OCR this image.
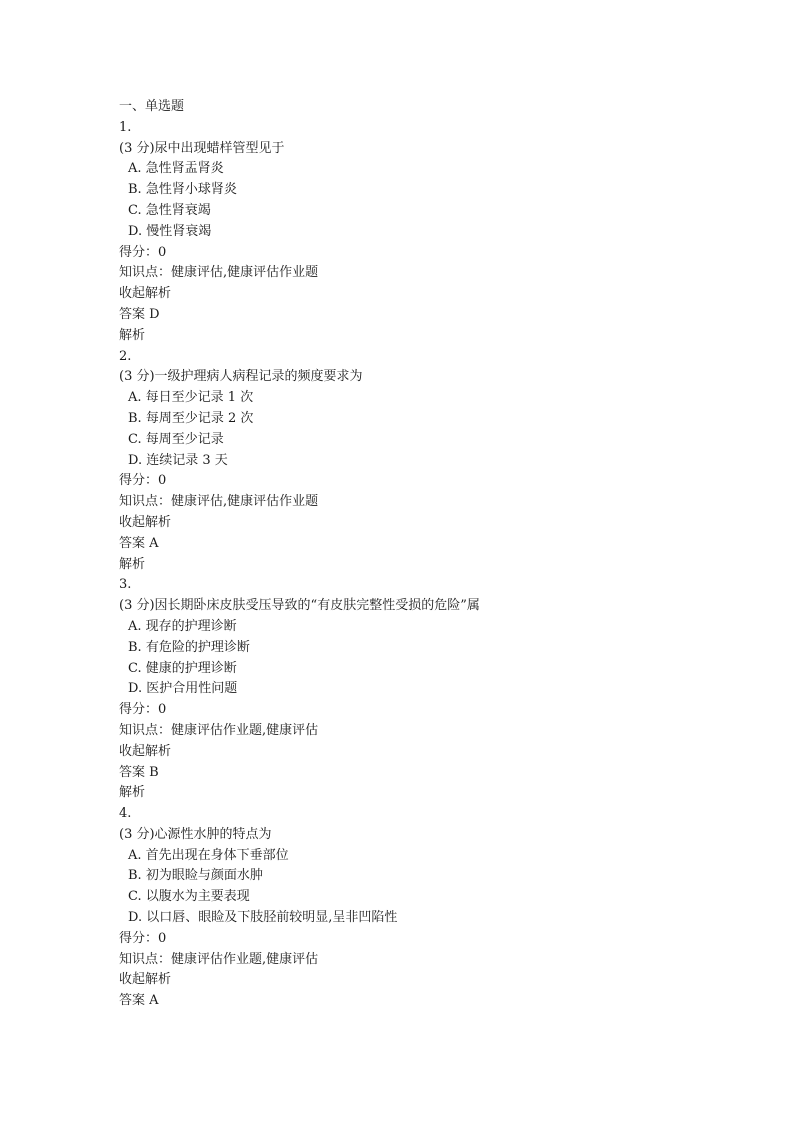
一、单选题
1.
(3 分)尿中出现蜡样管型见于
A. 急性肾盂肾炎
B. 急性肾小球肾炎
C. 急性肾衰竭
D. 慢性肾衰竭
得分：0
知识点：健康评估,健康评估作业题
收起解析
答案 D
解析
2.
(3 分)一级护理病人病程记录的频度要求为
A. 每日至少记录 1 次
B. 每周至少记录 2 次
C. 每周至少记录
D. 连续记录 3 天
得分：0
知识点：健康评估,健康评估作业题
收起解析
答案 A
解析
3.
(3 分)因长期卧床皮肤受压导致的“有皮肤完整性受损的危险”属
A. 现存的护理诊断
B. 有危险的护理诊断
C. 健康的护理诊断
D. 医护合用性问题
得分：0
知识点：健康评估作业题,健康评估
收起解析
答案 B
解析
4.
(3 分)心源性水肿的特点为
A. 首先出现在身体下垂部位
B. 初为眼睑与颜面水肿
C. 以腹水为主要表现
D. 以口唇、眼睑及下肢胫前较明显,呈非凹陷性
得分：0
知识点：健康评估作业题,健康评估
收起解析
答案 A
